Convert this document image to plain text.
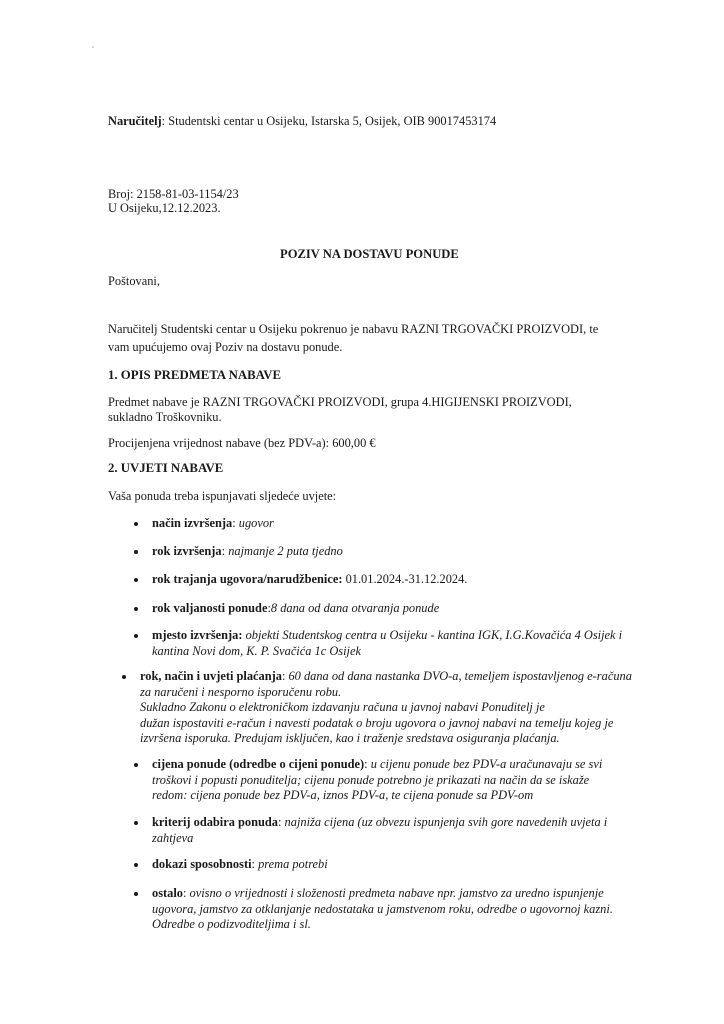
Naručitelj: Studentski centar u Osijeku, Istarska 5, Osijek, OIB 90017453174
Broj: 2158-81-03-1154/23
U Osijeku,12.12.2023.
POZIV NA DOSTAVU PONUDE
Poštovani,
Naručitelj Studentski centar u Osijeku pokrenuo je nabavu RAZNI TRGOVAČKI PROIZVODI, te
vam upućujemo ovaj Poziv na dostavu ponude.
1. OPIS PREDMETA NABAVE
Predmet nabave je RAZNI TRGOVAČKI PROIZVODI, grupa 4.HIGIJENSKI PROIZVODI,
sukladno Troškovniku.
Procijenjena vrijednost nabave (bez PDV-a): 600,00 €
2. UVJETI NABAVE
Vaša ponuda treba ispunjavati sljedeće uvjete:
način izvršenja: ugovor
rok izvršenja: najmanje 2 puta tjedno
rok trajanja ugovora/narudžbenice: 01.01.2024.-31.12.2024.
rok valjanosti ponude:8 dana od dana otvaranja ponude
mjesto izvršenja: objekti Studentskog centra u Osijeku - kantina IGK, I.G.Kovačića 4 Osijek i
kantina Novi dom, K. P. Svačića 1c Osijek
rok, način i uvjeti plaćanja: 60 dana od dana nastanka DVO-a, temeljem ispostavljenog e-računa
za naručeni i nesporno isporučenu robu.
Sukladno Zakonu o elektroničkom izdavanju računa u javnoj nabavi Ponuditelj je
dužan ispostaviti e-račun i navesti podatak o broju ugovora o javnoj nabavi na temelju kojeg je
izvršena isporuka. Predujam isključen, kao i traženje sredstava osiguranja plaćanja.
cijena ponude (odredbe o cijeni ponude): u cijenu ponude bez PDV-a uračunavaju se svi
troškovi i popusti ponuditelja; cijenu ponude potrebno je prikazati na način da se iskaže
redom: cijena ponude bez PDV-a, iznos PDV-a, te cijena ponude sa PDV-om
kriterij odabira ponuda: najniža cijena (uz obvezu ispunjenja svih gore navedenih uvjeta i
zahtjeva
dokazi sposobnosti: prema potrebi
ostalo: ovisno o vrijednosti i složenosti predmeta nabave npr. jamstvo za uredno ispunjenje
ugovora, jamstvo za otklanjanje nedostataka u jamstvenom roku, odredbe o ugovornoj kazni.
Odredbe o podizvoditeljima i sl.
